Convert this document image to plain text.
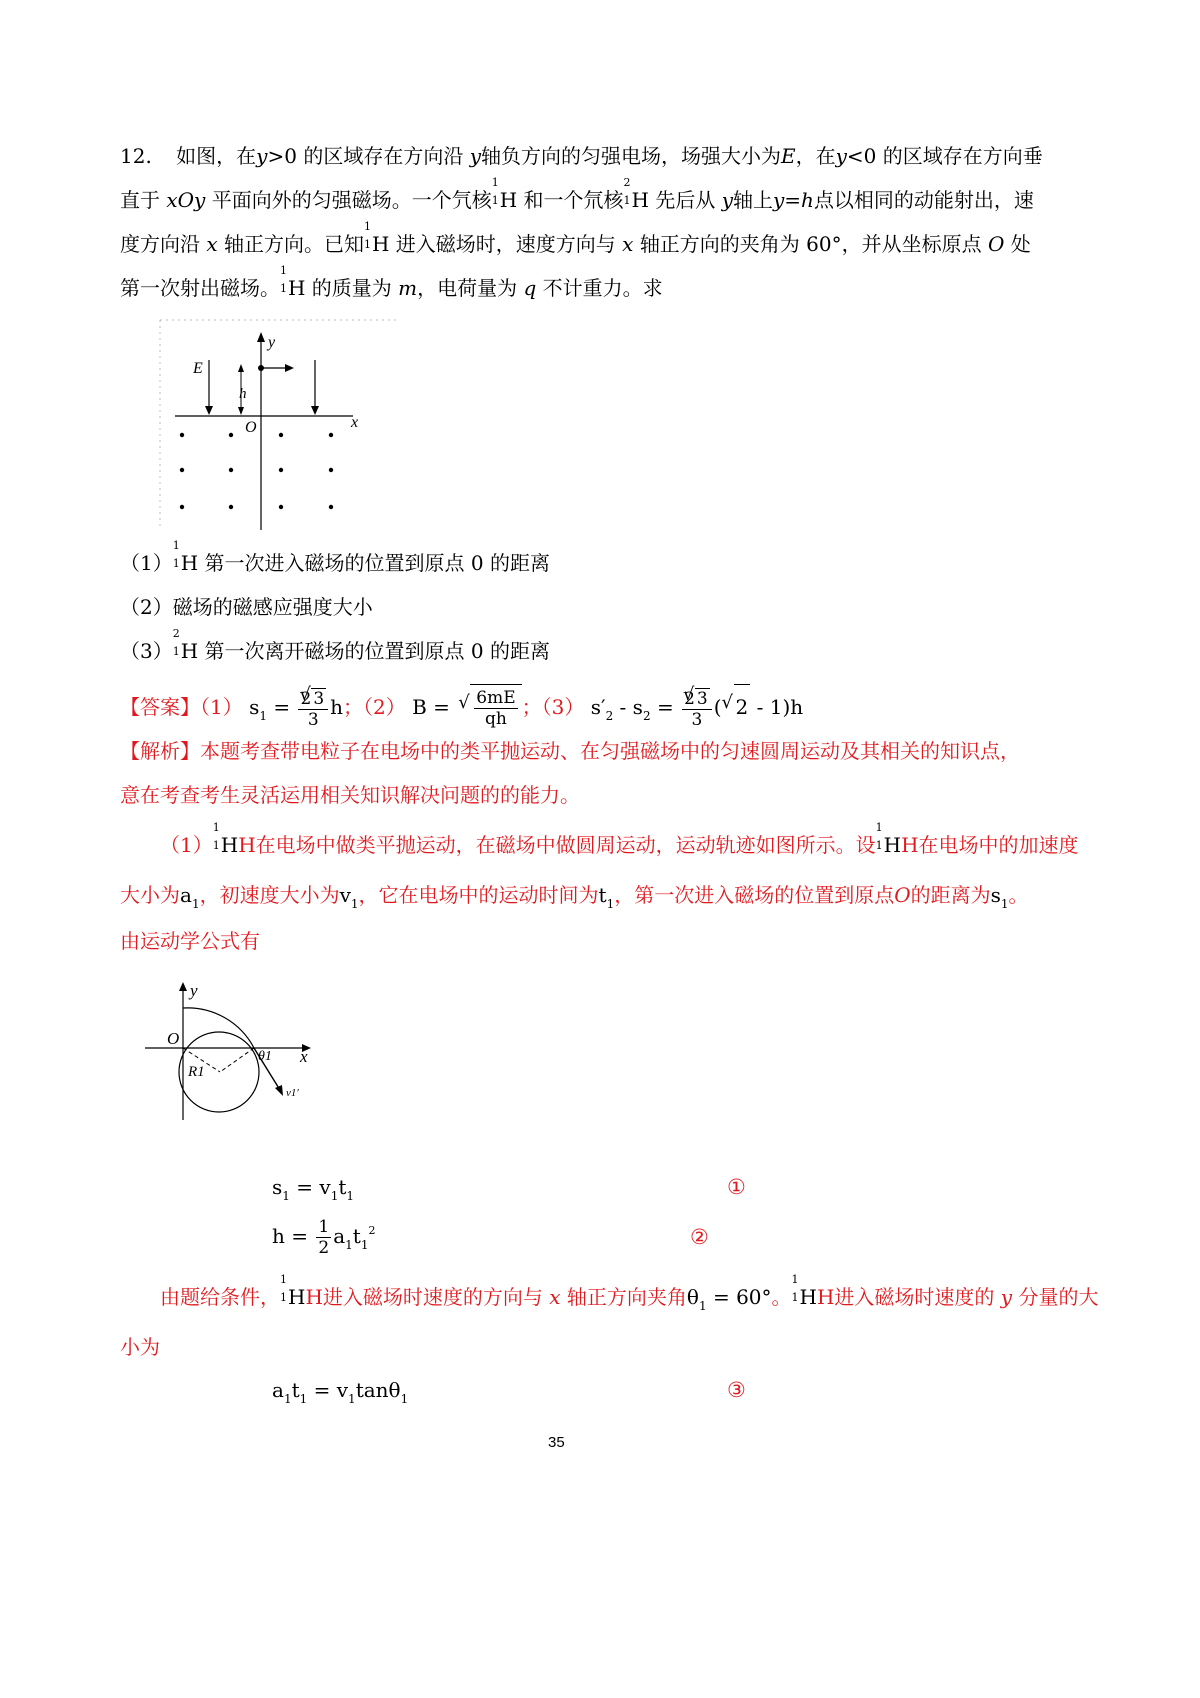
12. 如图，在y>0 的区域存在方向沿 y轴负方向的匀强电场，场强大小为E，在y<0 的区域存在方向垂
直于 xOy 平面向外的匀强磁场。一个氕核
1
1 H 和一个氘核
2
1 H 先后从 y轴上y=h点以相同的动能射出，速
度方向沿 x 轴正方向。已知
1
1 H 进入磁场时，速度方向与 x 轴正方向的夹角为 60°，并从坐标原点 O 处
第一次射出磁场。
1
1 H 的质量为 m，电荷量为 q 不计重力。求
y
x
O
E
h
（1）
1
1 H 第一次进入磁场的位置到原点 0 的距离
（2）磁场的磁感应强度大小
（3）
2
1 H 第一次离开磁场的位置到原点 0 的距离
【答案】（1） $s_1 = \frac{2 √ 3}{3}$ h；（2） B = √ $\frac{6mE}{qh}$ ；（3） $s'_2 - s_2 = \frac{2 √ 3}{3}$ ( √ 2 - 1)h
【解析】本题考查带电粒子在电场中的类平抛运动、在匀强磁场中的匀速圆周运动及其相关的知识点，
意在考查考生灵活运用相关知识解决问题的的能力。
（1）
1
1 HH在电场中做类平抛运动，在磁场中做圆周运动，运动轨迹如图所示。设
1
1 HH在电场中的加速度
大小为$a_1$，初速度大小为$v_1$，它在电场中的运动时间为$t_1$，第一次进入磁场的位置到原点O的距离为$s_1$。
由运动学公式有
y
x
O
R1
θ1
v1′
$s_1 = v_1t_1$	①
$h = \frac{1}{2} a_1t_1^2$	②
由题给条件，
1
1 HH进入磁场时速度的方向与 x 轴正方向夹角$\theta_1 = 60^\circ$。
1
1 HH进入磁场时速度的 y 分量的大
小为
$a_1t_1 = v_1\tan\theta_1$	③
35
